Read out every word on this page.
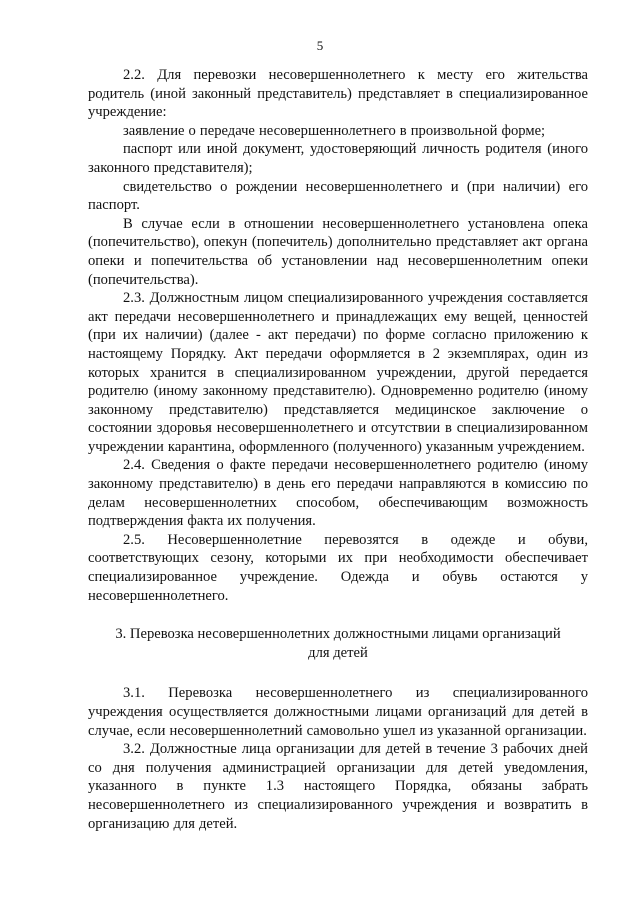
5

2.2. Для перевозки несовершеннолетнего к месту его жительства родитель (иной законный представитель) представляет в специализированное учреждение:

заявление о передаче несовершеннолетнего в произвольной форме;

паспорт или иной документ, удостоверяющий личность родителя (иного законного представителя);

свидетельство о рождении несовершеннолетнего и (при наличии) его паспорт.

В случае если в отношении несовершеннолетнего установлена опека (попечительство), опекун (попечитель) дополнительно представляет акт органа опеки и попечительства об установлении над несовершеннолетним опеки (попечительства).

2.3. Должностным лицом специализированного учреждения составляется акт передачи несовершеннолетнего и принадлежащих ему вещей, ценностей (при их наличии) (далее - акт передачи) по форме согласно приложению к настоящему Порядку. Акт передачи оформляется в 2 экземплярах, один из которых хранится в специализированном учреждении, другой передается родителю (иному законному представителю). Одновременно родителю (иному законному представителю) представляется медицинское заключение о состоянии здоровья несовершеннолетнего и отсутствии в специализированном учреждении карантина, оформленного (полученного) указанным учреждением.

2.4. Сведения о факте передачи несовершеннолетнего родителю (иному законному представителю) в день его передачи направляются в комиссию по делам несовершеннолетних способом, обеспечивающим возможность подтверждения факта их получения.

2.5. Несовершеннолетние перевозятся в одежде и обуви, соответствующих сезону, которыми их при необходимости обеспечивает специализированное учреждение. Одежда и обувь остаются у несовершеннолетнего.

3. Перевозка несовершеннолетних должностными лицами организаций
для детей

3.1. Перевозка несовершеннолетнего из специализированного учреждения осуществляется должностными лицами организаций для детей в случае, если несовершеннолетний самовольно ушел из указанной организации.

3.2. Должностные лица организации для детей в течение 3 рабочих дней со дня получения администрацией организации для детей уведомления, указанного в пункте 1.3 настоящего Порядка, обязаны забрать несовершеннолетнего из специализированного учреждения и возвратить в организацию для детей.
